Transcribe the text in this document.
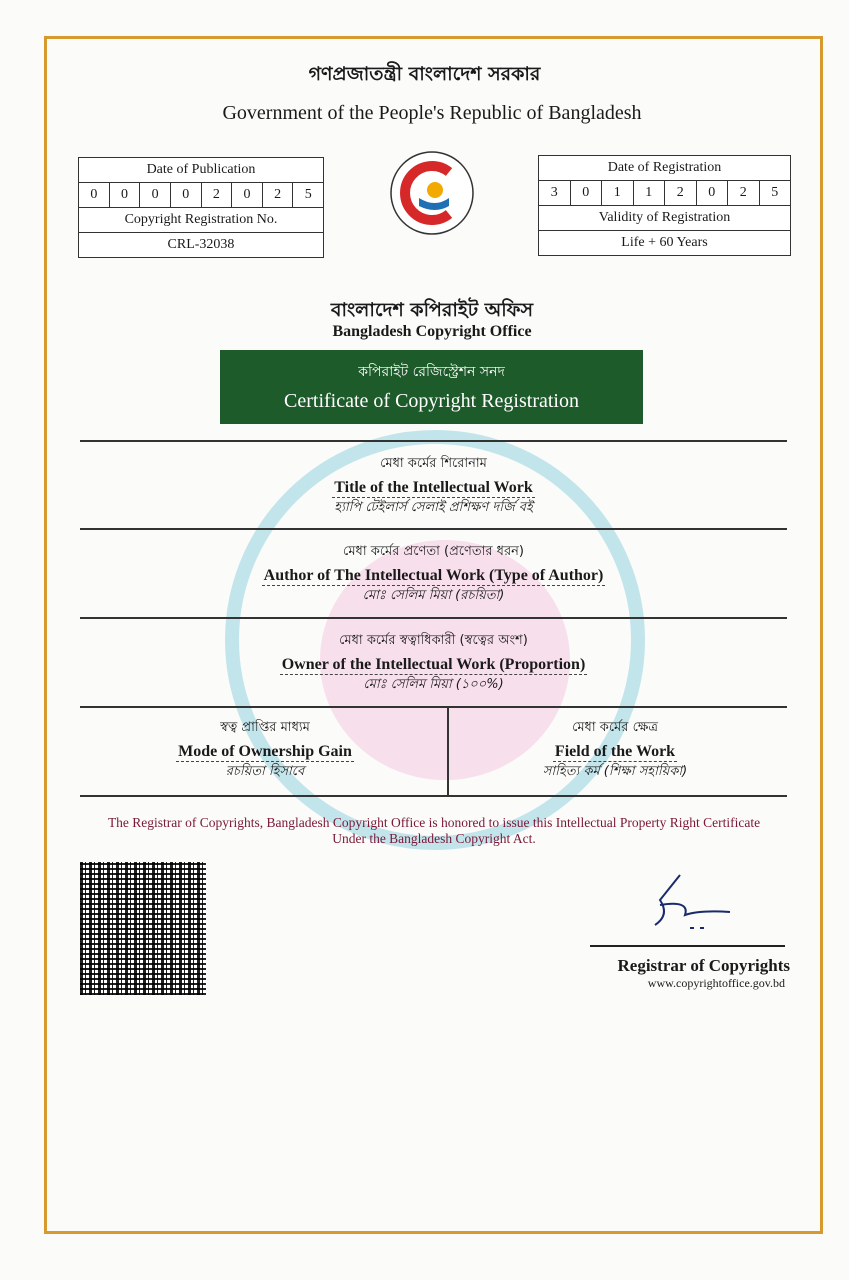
গণপ্রজাতন্ত্রী বাংলাদেশ সরকার
Government of the People's Republic of Bangladesh
Date of Publication
0	0	0	0	2	0	2	5
Copyright Registration No.
CRL-32038
Date of Registration
3	0	1	1	2	0	2	5
Validity of Registration
Life + 60 Years
বাংলাদেশ কপিরাইট অফিস
Bangladesh Copyright Office
কপিরাইট রেজিস্ট্রেশন সনদ
Certificate of Copyright Registration
মেধা কর্মের শিরোনাম
Title of the Intellectual Work
হ্যাপি টেইলার্স সেলাই প্রশিক্ষণ দর্জি বই
মেধা কর্মের প্রণেতা (প্রণেতার ধরন)
Author of The Intellectual Work (Type of Author)
মোঃ সেলিম মিয়া (রচয়িতা)
মেধা কর্মের স্বত্বাধিকারী (স্বত্বের অংশ)
Owner of the Intellectual Work (Proportion)
মোঃ সেলিম মিয়া (১০০%)
স্বত্ব প্রাপ্তির মাধ্যম
Mode of Ownership Gain
রচয়িতা হিসাবে
মেধা কর্মের ক্ষেত্র
Field of the Work
সাহিত্য কর্ম (শিক্ষা সহায়িকা)
The Registrar of Copyrights, Bangladesh Copyright Office is honored to issue this Intellectual Property Right Certificate Under the Bangladesh Copyright Act.
Registrar of Copyrights
www.copyrightoffice.gov.bd
